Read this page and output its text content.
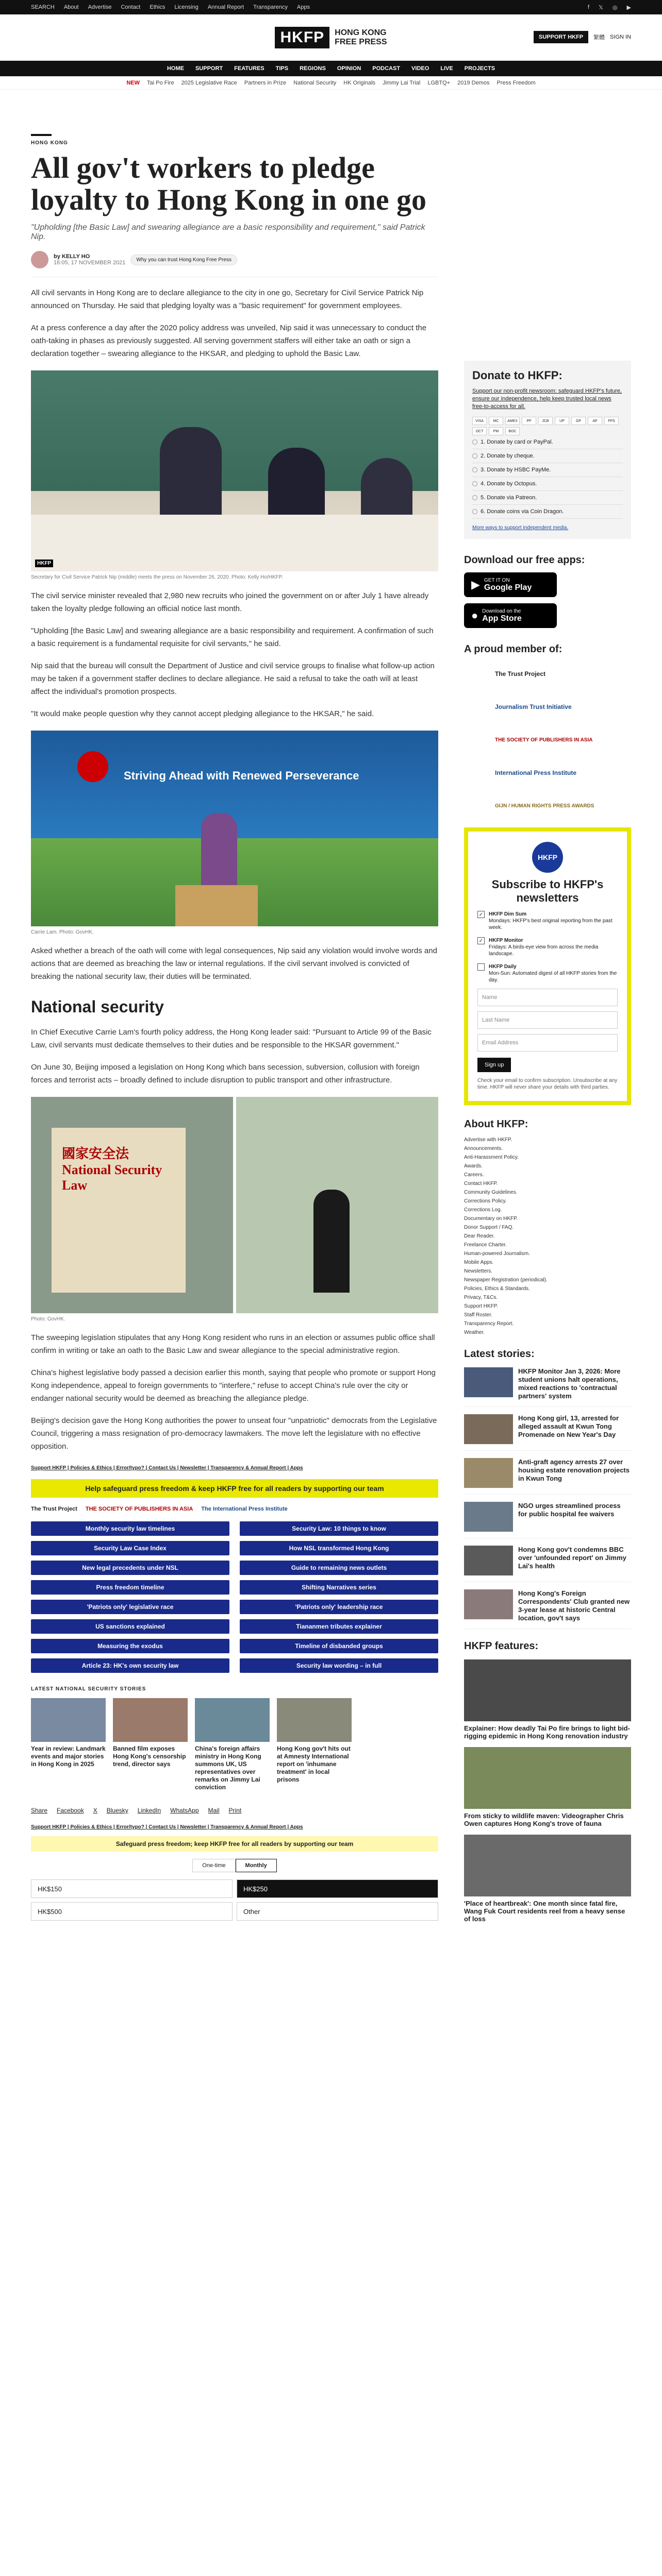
SEARCH About Advertise Contact Ethics Licensing Annual Report Transparency Apps	f 𝕏 ◎ ▶
HKFP	HONG KONG
FREE PRESS
SUPPORT HKFP	繁體 SIGN IN
HOME SUPPORT FEATURES TIPS REGIONS OPINION PODCAST VIDEO LIVE PROJECTS
NEW Tai Po Fire 2025 Legislative Race Partners in Prize National Security HK Originals Jimmy Lai Trial LGBTQ+ 2019 Demos Press Freedom
HONG KONG
All gov't workers to pledge loyalty to Hong Kong in one go
"Upholding [the Basic Law] and swearing allegiance are a basic responsibility and requirement," said Patrick Nip.
by KELLY HO
16:05, 17 NOVEMBER 2021	Why you can trust Hong Kong Free Press

All civil servants in Hong Kong are to declare allegiance to the city in one go, Secretary for Civil Service Patrick Nip announced on Thursday. He said that pledging loyalty was a "basic requirement" for government employees.

At a press conference a day after the 2020 policy address was unveiled, Nip said it was unnecessary to conduct the oath-taking in phases as previously suggested. All serving government staffers will either take an oath or sign a declaration together – swearing allegiance to the HKSAR, and pledging to uphold the Basic Law.

HKFP
Secretary for Civil Service Patrick Nip (middle) meets the press on November 26, 2020. Photo: Kelly Ho/HKFP.

The civil service minister revealed that 2,980 new recruits who joined the government on or after July 1 have already taken the loyalty pledge following an official notice last month.

"Upholding [the Basic Law] and swearing allegiance are a basic responsibility and requirement. A confirmation of such a basic requirement is a fundamental requisite for civil servants," he said.

Nip said that the bureau will consult the Department of Justice and civil service groups to finalise what follow-up action may be taken if a government staffer declines to declare allegiance. He said a refusal to take the oath will at least affect the individual's promotion prospects.

"It would make people question why they cannot accept pledging allegiance to the HKSAR," he said.

Striving Ahead with Renewed Perseverance
Carrie Lam. Photo: GovHK.

Asked whether a breach of the oath will come with legal consequences, Nip said any violation would involve words and actions that are deemed as breaching the law or internal regulations. If the civil servant involved is convicted of breaking the national security law, their duties will be terminated.

National security

In Chief Executive Carrie Lam's fourth policy address, the Hong Kong leader said: "Pursuant to Article 99 of the Basic Law, civil servants must dedicate themselves to their duties and be responsible to the HKSAR government."

On June 30, Beijing imposed a legislation on Hong Kong which bans secession, subversion, collusion with foreign forces and terrorist acts – broadly defined to include disruption to public transport and other infrastructure.

國家安全法 National Security Law
Photo: GovHK.

The sweeping legislation stipulates that any Hong Kong resident who runs in an election or assumes public office shall confirm in writing or take an oath to the Basic Law and swear allegiance to the special administrative region.

China's highest legislative body passed a decision earlier this month, saying that people who promote or support Hong Kong independence, appeal to foreign governments to "interfere," refuse to accept China's rule over the city or endanger national security would be deemed as breaching the allegiance pledge.

Beijing's decision gave the Hong Kong authorities the power to unseat four "unpatriotic" democrats from the Legislative Council, triggering a mass resignation of pro-democracy lawmakers. The move left the legislature with no effective opposition.

Support HKFP | Policies & Ethics | Error/typo? | Contact Us | Newsletter | Transparency & Annual Report | Apps
Help safeguard press freedom & keep HKFP free for all readers by supporting our team
The Trust Project THE SOCIETY OF PUBLISHERS IN ASIA The International Press Institute
Monthly security law timelines	Security Law: 10 things to know
Security Law Case Index	How NSL transformed Hong Kong
New legal precedents under NSL	Guide to remaining news outlets
Press freedom timeline	Shifting Narratives series
'Patriots only' legislative race	'Patriots only' leadership race
US sanctions explained	Tiananmen tributes explainer
Measuring the exodus	Timeline of disbanded groups
Article 23: HK's own security law	Security law wording – in full
LATEST NATIONAL SECURITY STORIES
Year in review: Landmark events and major stories in Hong Kong in 2025
Banned film exposes Hong Kong's censorship trend, director says
China's foreign affairs ministry in Hong Kong summons UK, US representatives over remarks on Jimmy Lai conviction
Hong Kong gov't hits out at Amnesty International report on 'inhumane treatment' in local prisons
Share Facebook X Bluesky LinkedIn WhatsApp Mail Print
Support HKFP | Policies & Ethics | Error/typo? | Contact Us | Newsletter | Transparency & Annual Report | Apps
Safeguard press freedom; keep HKFP free for all readers by supporting our team
One-time	Monthly
HK$150	HK$250
HK$500	Other
Donate to HKFP:
Support our non-profit newsroom: safeguard HKFP's future, ensure our independence, help keep trusted local news free-to-access for all.
VISA	MC	AMEX	PP	JCB	UP	GP	AP	FPS
OCT	PM	BOC
1. Donate by card or PayPal.
2. Donate by cheque.
3. Donate by HSBC PayMe.
4. Donate by Octopus.
5. Donate via Patreon.
6. Donate coins via Coin Dragon.
More ways to support independent media.
Download our free apps:
▶ GET IT ON
Google Play
● Download on the
App Store
A proud member of:
The Trust Project
Journalism Trust Initiative
THE SOCIETY OF PUBLISHERS IN ASIA
International Press Institute
GIJN / HUMAN RIGHTS PRESS AWARDS
HKFP
Subscribe to HKFP's newsletters
✓ HKFP Dim Sum
Mondays: HKFP's best original reporting from the past week.
✓ HKFP Monitor
Fridays: A birds-eye view from across the media landscape.
HKFP Daily
Mon-Sun: Automated digest of all HKFP stories from the day.
Name
Last Name
Email Address
Sign up
Check your email to confirm subscription. Unsubscribe at any time. HKFP will never share your details with third parties.
About HKFP:
Advertise with HKFP.
Announcements.
Anti-Harassment Policy.
Awards.
Careers.
Contact HKFP.
Community Guidelines.
Corrections Policy.
Corrections Log.
Documentary on HKFP.
Donor Support / FAQ.
Dear Reader.
Freelance Charter.
Human-powered Journalism.
Mobile Apps.
Newsletters.
Newspaper Registration (periodical).
Policies, Ethics & Standards.
Privacy, T&Cs.
Support HKFP.
Staff Roster.
Transparency Report.
Weather.
Latest stories:
HKFP Monitor Jan 3, 2026: More student unions halt operations, mixed reactions to 'contractual partners' system
Hong Kong girl, 13, arrested for alleged assault at Kwun Tong Promenade on New Year's Day
Anti-graft agency arrests 27 over housing estate renovation projects in Kwun Tong
NGO urges streamlined process for public hospital fee waivers
Hong Kong gov't condemns BBC over 'unfounded report' on Jimmy Lai's health
Hong Kong's Foreign Correspondents' Club granted new 3-year lease at historic Central location, gov't says
HKFP features:
Explainer: How deadly Tai Po fire brings to light bid-rigging epidemic in Hong Kong renovation industry
From sticky to wildlife maven: Videographer Chris Owen captures Hong Kong's trove of fauna
'Place of heartbreak': One month since fatal fire, Wang Fuk Court residents reel from a heavy sense of loss
